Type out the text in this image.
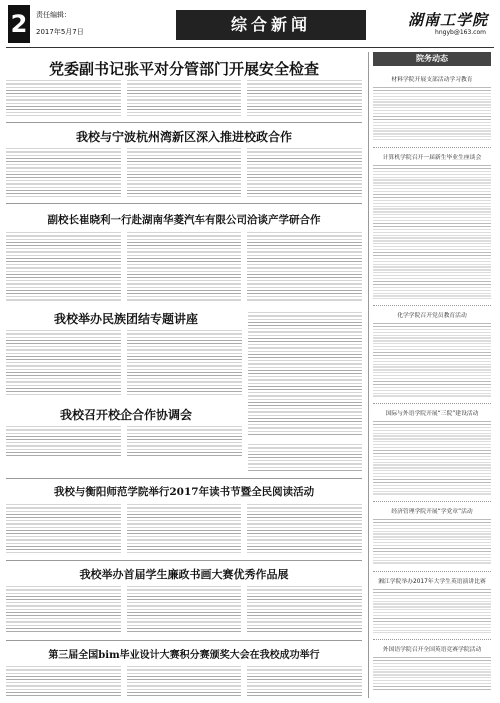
2	责任编辑：
2017年5月7日	综合新闻	湖南工学院
hngyb@163.com
党委副书记张平对分管部门开展安全检查
我校与宁波杭州湾新区深入推进校政合作
副校长崔晓利一行赴湖南华菱汽车有限公司洽谈产学研合作
我校举办民族团结专题讲座
我校召开校企合作协调会
我校与衡阳师范学院举行2017年读书节暨全民阅读活动
我校举办首届学生廉政书画大赛优秀作品展
第三届全国bim毕业设计大赛积分赛颁奖大会在我校成功举行
院务动态
材料学院开展支部活动学习教育
计算机学院召开一届新生毕业生座谈会
化学学院召开党员教育活动
国际与外语学院开展“三院”建设活动
经济管理学院开展“学党章”活动
湘江学院举办2017年大学生英语演讲比赛
外国语学院召开全国英语竞赛学院活动
